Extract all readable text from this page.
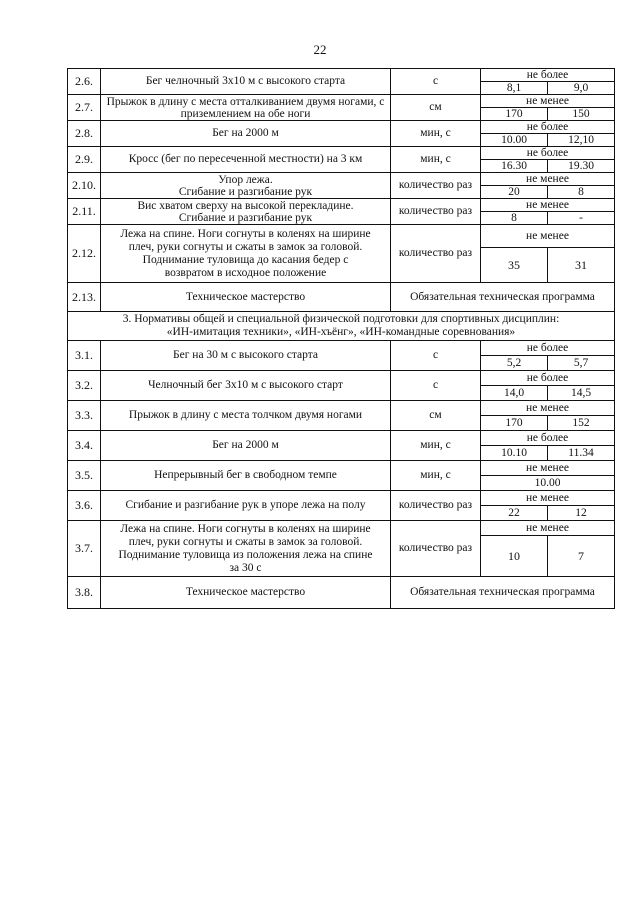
22
2.6.	Бег челночный 3х10 м с высокого старта	с	не более	
			8,1	9,0
2.7.	Прыжок в длину с места отталкиванием двумя ногами, с приземлением на обе ноги	см	не менее	
			170	150
2.8.	Бег на 2000 м	мин, с	не более	
			10.00	12,10
2.9.	Кросс (бег по пересеченной местности) на 3 км	мин, с	не более	
			16.30	19.30
2.10.	Упор лежа.
Сгибание и разгибание рук	количество раз	не менее	
			20	8
2.11.	Вис хватом сверху на высокой перекладине.
Сгибание и разгибание рук	количество раз	не менее	
			8	-
2.12.	Лежа на спине. Ноги согнуты в коленях на ширине
плеч, руки согнуты и сжаты в замок за головой.
Поднимание туловища до касания бедер с
возвратом в исходное положение	количество раз	не менее	
			35	31
2.13.	Техническое мастерство	Обязательная техническая программа		

3. Нормативы общей и специальной физической подготовки для спортивных дисциплин:
«ИН-имитация техники», «ИН-хъёнг», «ИН-командные соревнования»				

3.1.	Бег на 30 м с высокого старта	с	не более	
			5,2	5,7
3.2.	Челночный бег 3х10 м с высокого старт	с	не более	
			14,0	14,5
3.3.	Прыжок в длину с места толчком двумя ногами	см	не менее	
			170	152
3.4.	Бег на 2000 м	мин, с	не более	
			10.10	11.34
3.5.	Непрерывный бег в свободном темпе	мин, с	не менее	
			10.00	
3.6.	Сгибание и разгибание рук в упоре лежа на полу	количество раз	не менее	
			22	12
3.7.	Лежа на спине. Ноги согнуты в коленях на ширине
плеч, руки согнуты и сжаты в замок за головой.
Поднимание туловища из положения лежа на спине
за 30 с	количество раз	не менее	
			10	7
3.8.	Техническое мастерство	Обязательная техническая программа		
